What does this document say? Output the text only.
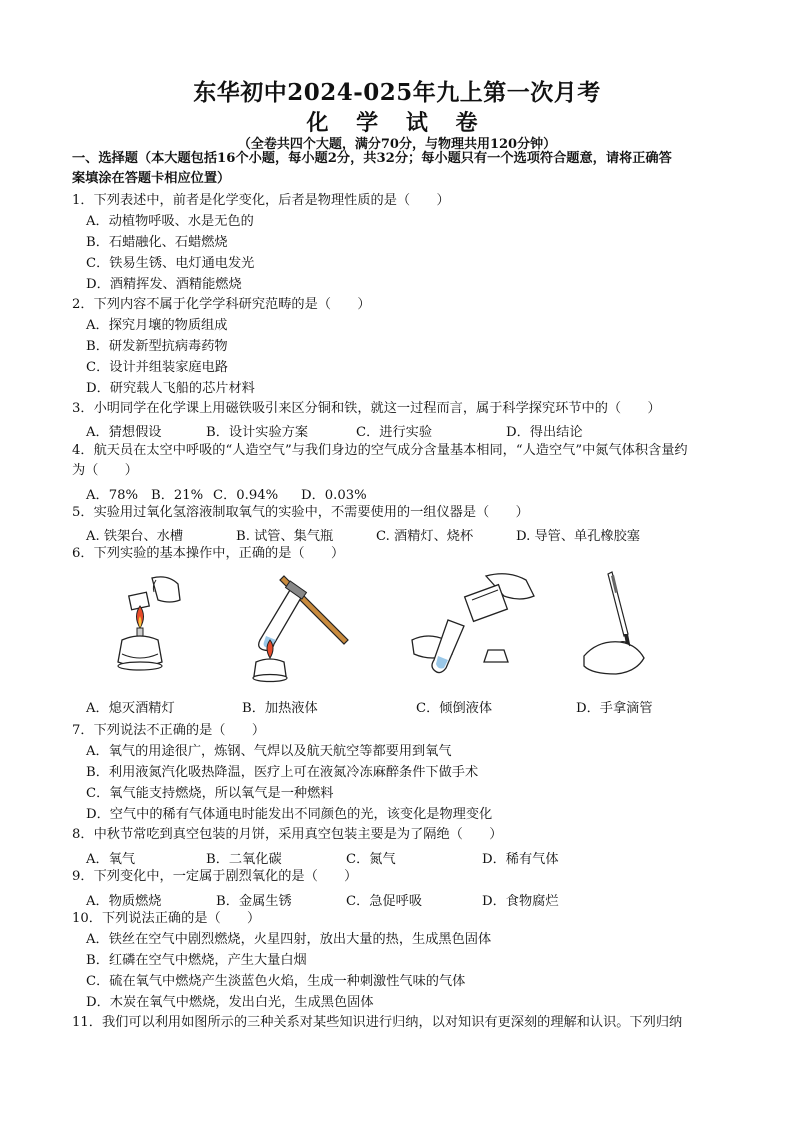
东华初中2024-025年九上第一次月考
化 学 试 卷
（全卷共四个大题，满分70分，与物理共用120分钟）
一、选择题（本大题包括16个小题，每小题2分，共32分；每小题只有一个选项符合题意，请将正确答
案填涂在答题卡相应位置）
1．下列表述中，前者是化学变化，后者是物理性质的是（　　）
A．动植物呼吸、水是无色的
B．石蜡融化、石蜡燃烧
C．铁易生锈、电灯通电发光
D．酒精挥发、酒精能燃烧
2．下列内容不属于化学学科研究范畴的是（　　）
A．探究月壤的物质组成
B．研发新型抗病毒药物
C．设计并组装家庭电路
D．研究载人飞船的芯片材料
3．小明同学在化学课上用磁铁吸引来区分铜和铁，就这一过程而言，属于科学探究环节中的（　　）
A．猜想假设	B．设计实验方案	C．进行实验	D．得出结论
4．航天员在太空中呼吸的“人造空气”与我们身边的空气成分含量基本相同，“人造空气”中氮气体积含量约
为（　　）
A．78% B．21% C．0.94% D．0.03%
5．实验用过氧化氢溶液制取氧气的实验中，不需要使用的一组仪器是（　　）
A. 铁架台、水槽	B. 试管、集气瓶	C. 酒精灯、烧杯	D. 导管、单孔橡胶塞
6．下列实验的基本操作中，正确的是（　　）
A．熄灭酒精灯	B．加热液体	C．倾倒液体	D．手拿滴管
7．下列说法不正确的是（　　）
A．氧气的用途很广，炼钢、气焊以及航天航空等都要用到氧气
B．利用液氮汽化吸热降温，医疗上可在液氮冷冻麻醉条件下做手术
C．氧气能支持燃烧，所以氧气是一种燃料
D．空气中的稀有气体通电时能发出不同颜色的光，该变化是物理变化
8．中秋节常吃到真空包装的月饼，采用真空包装主要是为了隔绝（　　）
A．氧气	B．二氧化碳	C．氮气	D．稀有气体
9．下列变化中，一定属于剧烈氧化的是（　　）
A．物质燃烧	B．金属生锈	C．急促呼吸	D．食物腐烂
10．下列说法正确的是（　　）
A．铁丝在空气中剧烈燃烧，火星四射，放出大量的热，生成黑色固体
B．红磷在空气中燃烧，产生大量白烟
C．硫在氧气中燃烧产生淡蓝色火焰，生成一种刺激性气味的气体
D．木炭在氧气中燃烧，发出白光，生成黑色固体
11．我们可以利用如图所示的三种关系对某些知识进行归纳，以对知识有更深刻的理解和认识。下列归纳
